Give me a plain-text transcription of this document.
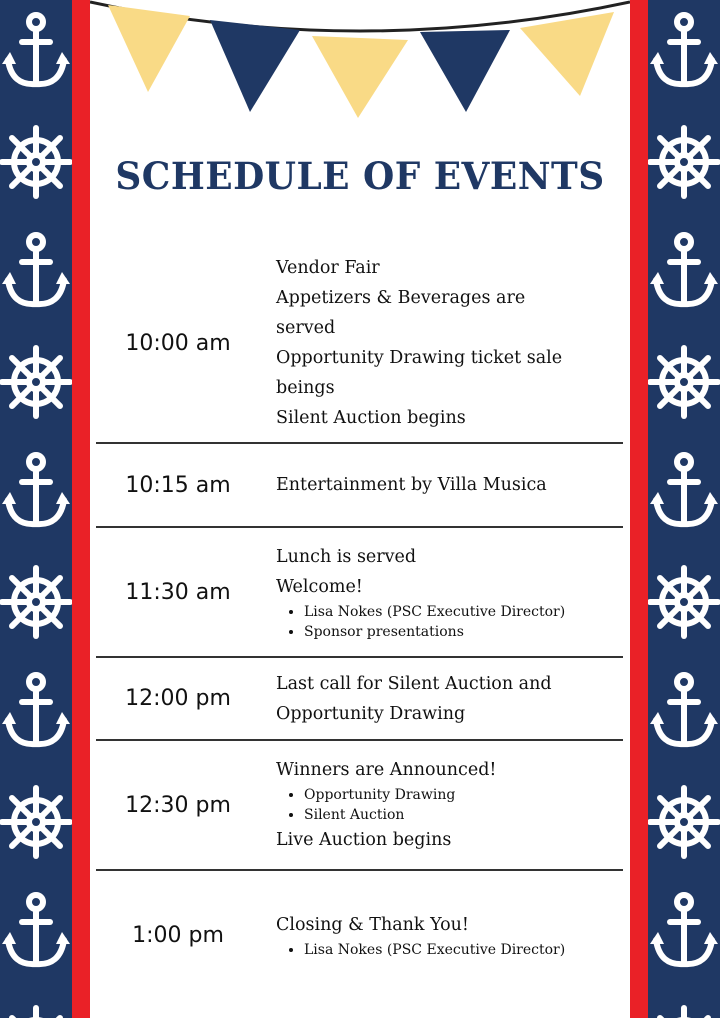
SCHEDULE OF EVENTS
10:00 am
Vendor Fair
Appetizers & Beverages are
served
Opportunity Drawing ticket sale
beings
Silent Auction begins
10:15 am	Entertainment by Villa Musica
11:30 am
Lunch is served
Welcome!
• Lisa Nokes (PSC Executive Director)
• Sponsor presentations
12:00 pm
Last call for Silent Auction and
Opportunity Drawing
12:30 pm
Winners are Announced!
• Opportunity Drawing
• Silent Auction
Live Auction begins
1:00 pm	Closing & Thank You!
• Lisa Nokes (PSC Executive Director)
